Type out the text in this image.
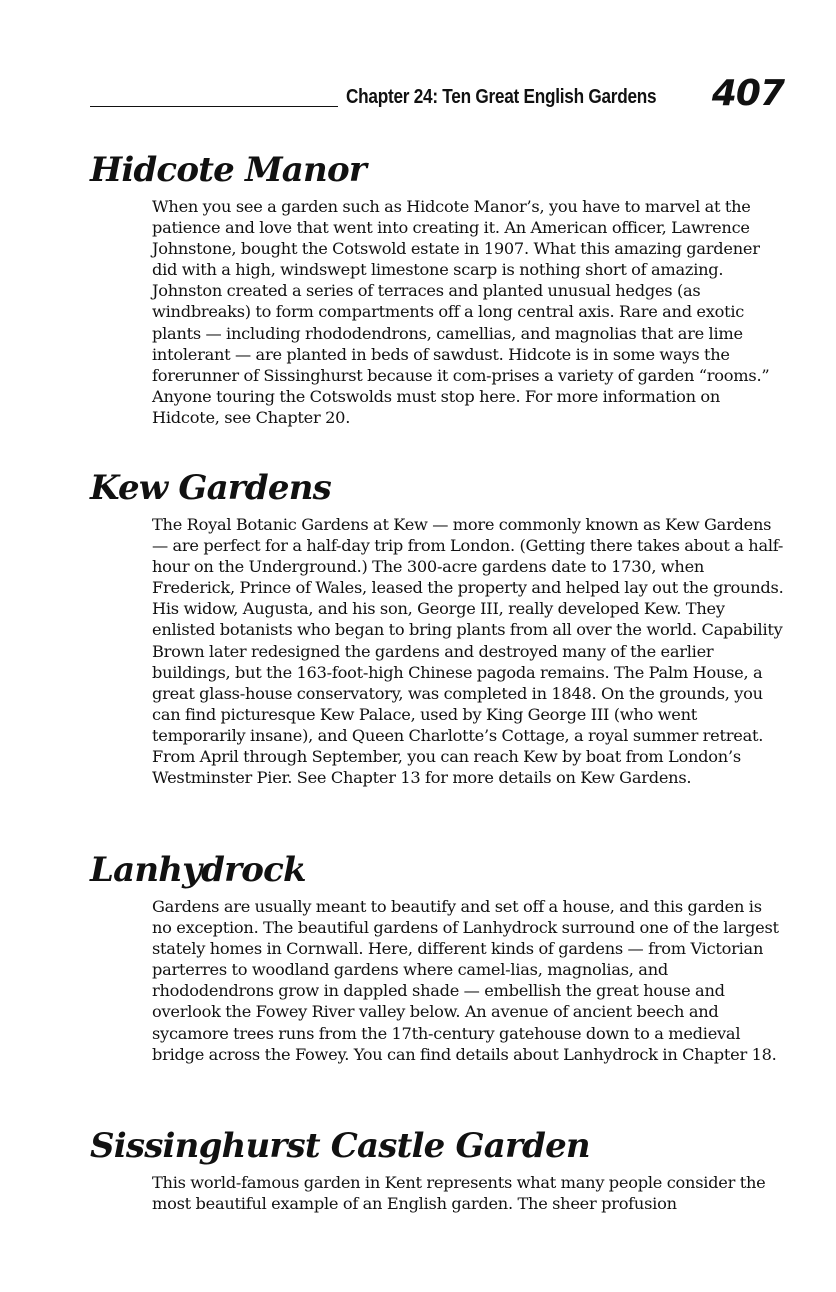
Chapter 24: Ten Great English Gardens 407
Hidcote Manor

When you see a garden such as Hidcote Manor’s, you have to marvel at the patience and love that went into creating it. An American officer, Lawrence Johnstone, bought the Cotswold estate in 1907. What this amazing gardener did with a high, windswept limestone scarp is nothing short of amazing. Johnston created a series of terraces and planted unusual hedges (as windbreaks) to form compartments off a long central axis. Rare and exotic plants — including rhododendrons, camellias, and magnolias that are lime intolerant — are planted in beds of sawdust. Hidcote is in some ways the forerunner of Sissinghurst because it com-prises a variety of garden “rooms.” Anyone touring the Cotswolds must stop here. For more information on Hidcote, see Chapter 20.

Kew Gardens

The Royal Botanic Gardens at Kew — more commonly known as Kew Gardens — are perfect for a half-day trip from London. (Getting there takes about a half-hour on the Underground.) The 300-acre gardens date to 1730, when Frederick, Prince of Wales, leased the property and helped lay out the grounds. His widow, Augusta, and his son, George III, really developed Kew. They enlisted botanists who began to bring plants from all over the world. Capability Brown later redesigned the gardens and destroyed many of the earlier buildings, but the 163-foot-high Chinese pagoda remains. The Palm House, a great glass-house conservatory, was completed in 1848. On the grounds, you can find picturesque Kew Palace, used by King George III (who went temporarily insane), and Queen Charlotte’s Cottage, a royal summer retreat. From April through September, you can reach Kew by boat from London’s Westminster Pier. See Chapter 13 for more details on Kew Gardens.

Lanhydrock

Gardens are usually meant to beautify and set off a house, and this garden is no exception. The beautiful gardens of Lanhydrock surround one of the largest stately homes in Cornwall. Here, different kinds of gardens — from Victorian parterres to woodland gardens where camel-lias, magnolias, and rhododendrons grow in dappled shade — embellish the great house and overlook the Fowey River valley below. An avenue of ancient beech and sycamore trees runs from the 17th-century gatehouse down to a medieval bridge across the Fowey. You can find details about Lanhydrock in Chapter 18.

Sissinghurst Castle Garden

This world-famous garden in Kent represents what many people consider the most beautiful example of an English garden. The sheer profusion
